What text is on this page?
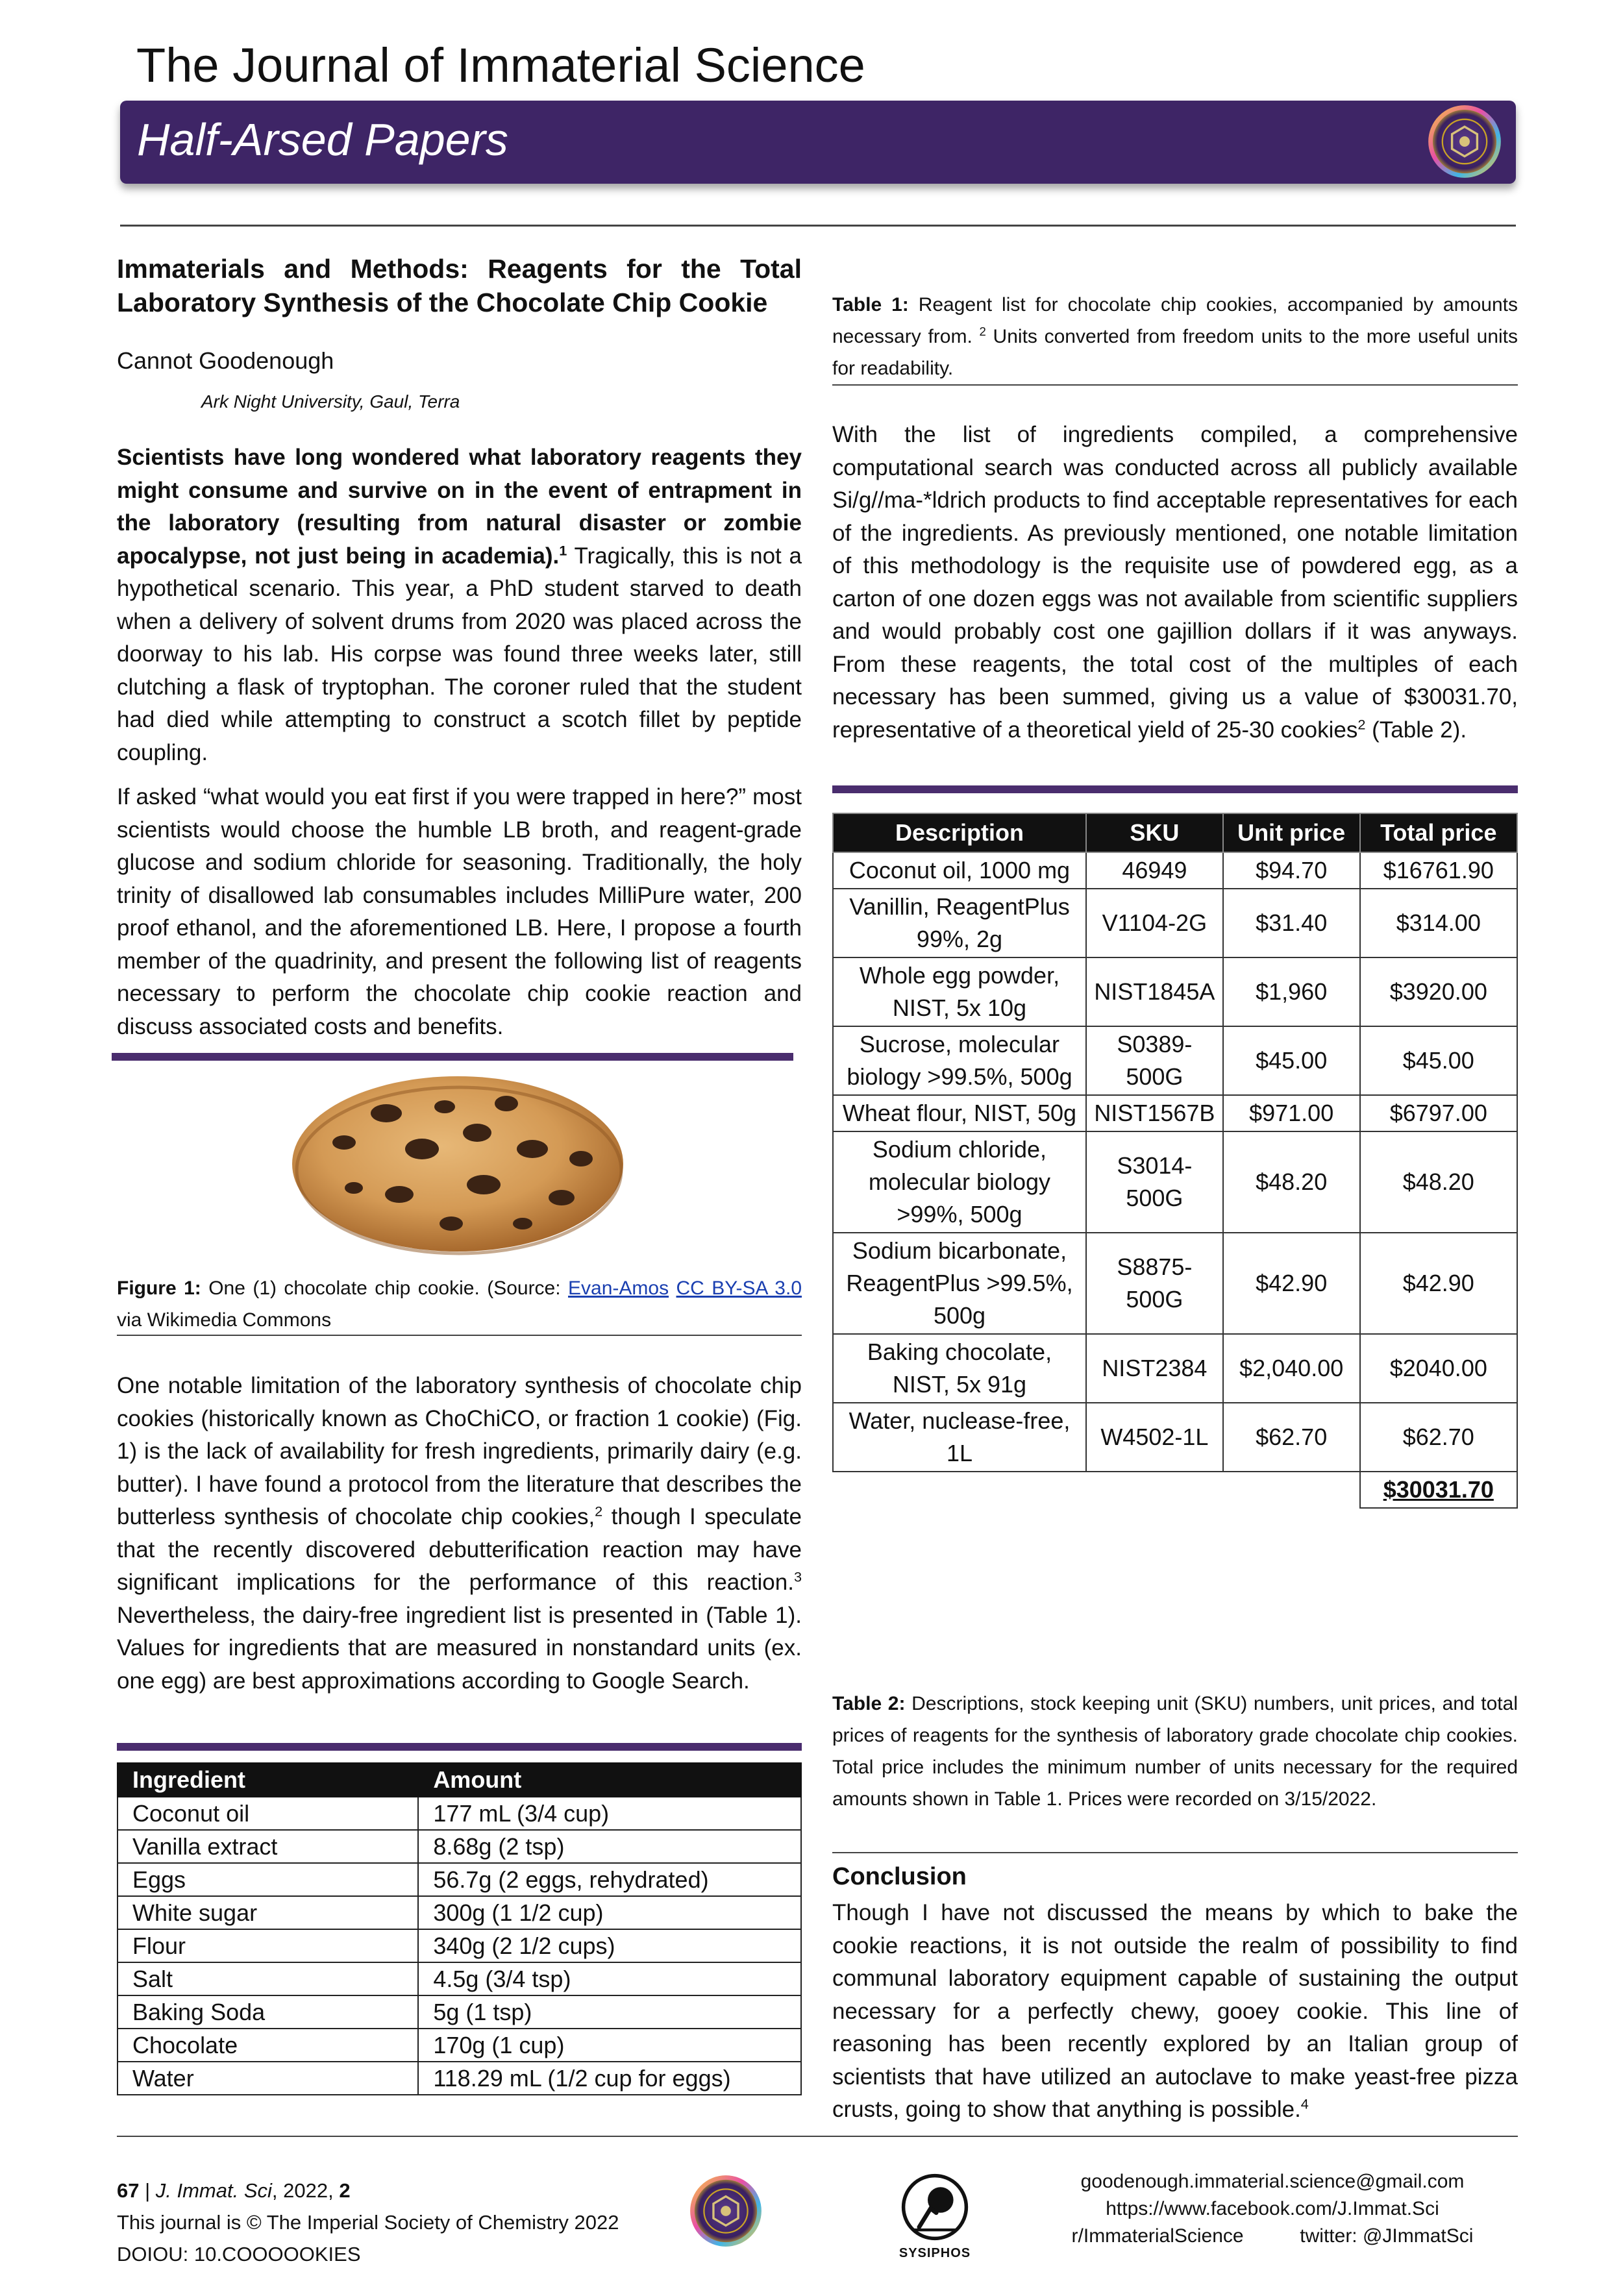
The Journal of Immaterial Science
Half-Arsed Papers
Immaterials and Methods: Reagents for the Total Laboratory Synthesis of the Chocolate Chip Cookie
Cannot Goodenough
Ark Night University, Gaul, Terra

Scientists have long wondered what laboratory reagents they might consume and survive on in the event of entrapment in the laboratory (resulting from natural disaster or zombie apocalypse, not just being in academia).$^1$ Tragically, this is not a hypothetical scenario. This year, a PhD student starved to death when a delivery of solvent drums from 2020 was placed across the doorway to his lab. His corpse was found three weeks later, still clutching a flask of tryptophan. The coroner ruled that the student had died while attempting to construct a scotch fillet by peptide coupling.

If asked “what would you eat first if you were trapped in here?” most scientists would choose the humble LB broth, and reagent-grade glucose and sodium chloride for seasoning. Traditionally, the holy trinity of disallowed lab consumables includes MilliPure water, 200 proof ethanol, and the aforementioned LB. Here, I propose a fourth member of the quadrinity, and present the following list of reagents necessary to perform the chocolate chip cookie reaction and discuss associated costs and benefits.

Figure 1: One (1) chocolate chip cookie. (Source: Evan-Amos CC BY-SA 3.0 via Wikimedia Commons

One notable limitation of the laboratory synthesis of chocolate chip cookies (historically known as ChoChiCO, or fraction 1 cookie) (Fig. 1) is the lack of availability for fresh ingredients, primarily dairy (e.g. butter). I have found a protocol from the literature that describes the butterless synthesis of chocolate chip cookies,$^2$ though I speculate that the recently discovered debutterification reaction may have significant implications for the performance of this reaction.$^3$ Nevertheless, the dairy-free ingredient list is presented in (Table 1). Values for ingredients that are measured in nonstandard units (ex. one egg) are best approximations according to Google Search.

Ingredient	Amount
Coconut oil	177 mL (3/4 cup)
Vanilla extract	8.68g (2 tsp)
Eggs	56.7g (2 eggs, rehydrated)
White sugar	300g (1 1/2 cup)
Flour	340g (2 1/2 cups)
Salt	4.5g (3/4 tsp)
Baking Soda	5g (1 tsp)
Chocolate	170g (1 cup)
Water	118.29 mL (1/2 cup for eggs)
Table 1: Reagent list for chocolate chip cookies, accompanied by amounts necessary from. $^2$ Units converted from freedom units to the more useful units for readability.

With the list of ingredients compiled, a comprehensive computational search was conducted across all publicly available Si/g//ma-*ldrich products to find acceptable representatives for each of the ingredients. As previously mentioned, one notable limitation of this methodology is the requisite use of powdered egg, as a carton of one dozen eggs was not available from scientific suppliers and would probably cost one gajillion dollars if it was anyways. From these reagents, the total cost of the multiples of each necessary has been summed, giving us a value of $30031.70, representative of a theoretical yield of 25-30 cookies$^2$ (Table 2).

Description	SKU	Unit price	Total price
Coconut oil, 1000 mg	46949	$94.70	$16761.90
Vanillin, ReagentPlus 99%, 2g	V1104-2G	$31.40	$314.00
Whole egg powder, NIST, 5x 10g	NIST1845A	$1,960	$3920.00
Sucrose, molecular biology >99.5%, 500g	S0389-500G	$45.00	$45.00
Wheat flour, NIST, 50g	NIST1567B	$971.00	$6797.00
Sodium chloride, molecular biology >99%, 500g	S3014-500G	$48.20	$48.20
Sodium bicarbonate, ReagentPlus >99.5%, 500g	S8875-500G	$42.90	$42.90
Baking chocolate, NIST, 5x 91g	NIST2384	$2,040.00	$2040.00
Water, nuclease-free, 1L	W4502-1L	$62.70	$62.70
			$30031.70
Table 2: Descriptions, stock keeping unit (SKU) numbers, unit prices, and total prices of reagents for the synthesis of laboratory grade chocolate chip cookies. Total price includes the minimum number of units necessary for the required amounts shown in Table 1. Prices were recorded on 3/15/2022.
Conclusion

Though I have not discussed the means by which to bake the cookie reactions, it is not outside the realm of possibility to find communal laboratory equipment capable of sustaining the output necessary for a perfectly chewy, gooey cookie. This line of reasoning has been recently explored by an Italian group of scientists that have utilized an autoclave to make yeast-free pizza crusts, going to show that anything is possible.$^4$

67 | J. Immat. Sci, 2022, 2
This journal is © The Imperial Society of Chemistry 2022
DOIOU: 10.COOOOOKIES	SYSIPHOS
goodenough.immaterial.science@gmail.com
https://www.facebook.com/J.Immat.Sci
r/ImmaterialScience	twitter: @JImmatSci
